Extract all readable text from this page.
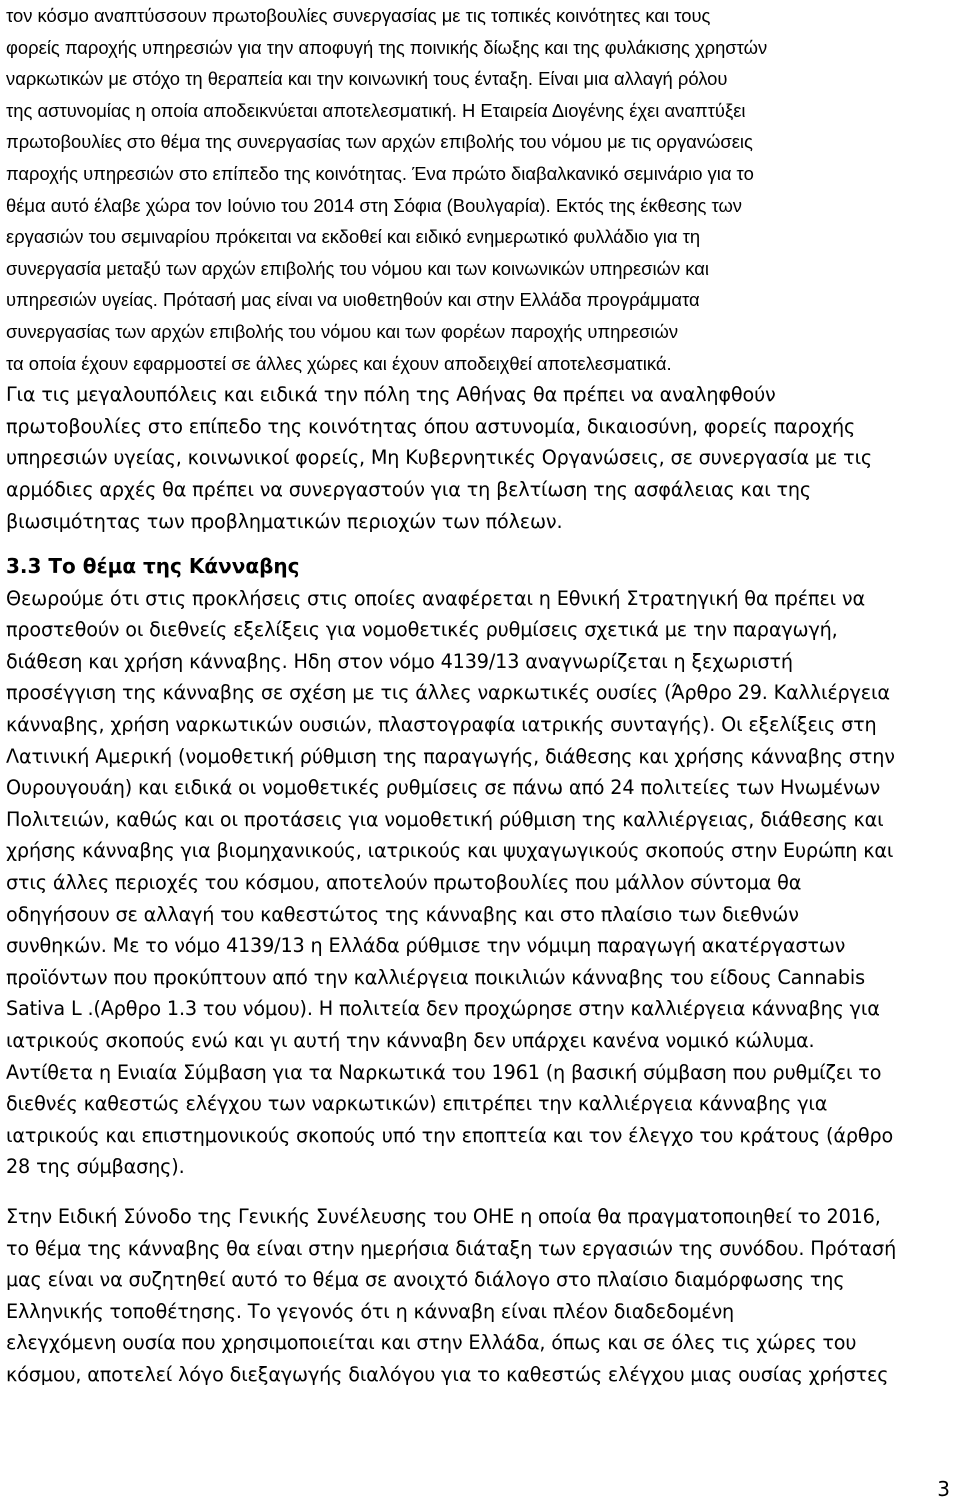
τον κόσμο αναπτύσσουν πρωτοβουλίες συνεργασίας με τις τοπικές κοινότητες και τους
φορείς παροχής υπηρεσιών για την αποφυγή της ποινικής δίωξης και της φυλάκισης χρηστών
ναρκωτικών με στόχο τη θεραπεία και την κοινωνική τους ένταξη. Είναι μια αλλαγή ρόλου
της αστυνομίας η οποία αποδεικνύεται αποτελεσματική. Η Εταιρεία Διογένης έχει αναπτύξει
πρωτοβουλίες στο θέμα της συνεργασίας των αρχών επιβολής του νόμου με τις οργανώσεις
παροχής υπηρεσιών στο επίπεδο της κοινότητας. Ένα πρώτο διαβαλκανικό σεμινάριο για το
θέμα αυτό έλαβε χώρα τον Ιούνιο του 2014 στη Σόφια (Βουλγαρία). Εκτός της έκθεσης των
εργασιών του σεμιναρίου πρόκειται να εκδοθεί και ειδικό ενημερωτικό φυλλάδιο για τη
συνεργασία μεταξύ των αρχών επιβολής του νόμου και των κοινωνικών υπηρεσιών και
υπηρεσιών υγείας. Πρότασή μας είναι να υιοθετηθούν και στην Ελλάδα προγράμματα
συνεργασίας των αρχών επιβολής του νόμου και των φορέων παροχής υπηρεσιών
τα οποία έχουν εφαρμοστεί σε άλλες χώρες και έχουν αποδειχθεί αποτελεσματικά.
Για τις μεγαλουπόλεις και ειδικά την πόλη της Αθήνας θα πρέπει να αναληφθούν
πρωτοβουλίες στο επίπεδο της κοινότητας όπου αστυνομία, δικαιοσύνη, φορείς παροχής
υπηρεσιών υγείας, κοινωνικοί φορείς, Μη Κυβερνητικές Οργανώσεις, σε συνεργασία με τις
αρμόδιες αρχές θα πρέπει να συνεργαστούν για τη βελτίωση της ασφάλειας και της
βιωσιμότητας των προβληματικών περιοχών των πόλεων.
3.3 Το θέμα της Κάνναβης
Θεωρούμε ότι στις προκλήσεις στις οποίες αναφέρεται η Εθνική Στρατηγική θα πρέπει να
προστεθούν οι διεθνείς εξελίξεις για νομοθετικές ρυθμίσεις σχετικά με την παραγωγή,
διάθεση και χρήση κάνναβης. Ηδη στον νόμο 4139/13 αναγνωρίζεται η ξεχωριστή
προσέγγιση της κάνναβης σε σχέση με τις άλλες ναρκωτικές ουσίες (Άρθρο 29. Καλλιέργεια
κάνναβης, χρήση ναρκωτικών ουσιών, πλαστογραφία ιατρικής συνταγής). Οι εξελίξεις στη
Λατινική Αμερική (νομοθετική ρύθμιση της παραγωγής, διάθεσης και χρήσης κάνναβης στην
Ουρουγουάη) και ειδικά οι νομοθετικές ρυθμίσεις σε πάνω από 24 πολιτείες των Ηνωμένων
Πολιτειών, καθώς και οι προτάσεις για νομοθετική ρύθμιση της καλλιέργειας, διάθεσης και
χρήσης κάνναβης για βιομηχανικούς, ιατρικούς και ψυχαγωγικούς σκοπούς στην Ευρώπη και
στις άλλες περιοχές του κόσμου, αποτελούν πρωτοβουλίες που μάλλον σύντομα θα
οδηγήσουν σε αλλαγή του καθεστώτος της κάνναβης και στο πλαίσιο των διεθνών
συνθηκών. Με το νόμο 4139/13 η Ελλάδα ρύθμισε την νόμιμη παραγωγή ακατέργαστων
προϊόντων που προκύπτουν από την καλλιέργεια ποικιλιών κάνναβης του είδους Cannabis
Sativa L .(Αρθρο 1.3 του νόμου). Η πολιτεία δεν προχώρησε στην καλλιέργεια κάνναβης για
ιατρικούς σκοπούς ενώ και γι αυτή την κάνναβη δεν υπάρχει κανένα νομικό κώλυμα.
Αντίθετα η Ενιαία Σύμβαση για τα Ναρκωτικά του 1961 (η βασική σύμβαση που ρυθμίζει το
διεθνές καθεστώς ελέγχου των ναρκωτικών) επιτρέπει την καλλιέργεια κάνναβης για
ιατρικούς και επιστημονικούς σκοπούς υπό την εποπτεία και τον έλεγχο του κράτους (άρθρο
28 της σύμβασης).
Στην Ειδική Σύνοδο της Γενικής Συνέλευσης του ΟΗΕ η οποία θα πραγματοποιηθεί το 2016,
το θέμα της κάνναβης θα είναι στην ημερήσια διάταξη των εργασιών της συνόδου. Πρότασή
μας είναι να συζητηθεί αυτό το θέμα σε ανοιχτό διάλογο στο πλαίσιο διαμόρφωσης της
Ελληνικής τοποθέτησης. Το γεγονός ότι η κάνναβη είναι πλέον διαδεδομένη
ελεγχόμενη ουσία που χρησιμοποιείται και στην Ελλάδα, όπως και σε όλες τις χώρες του
κόσμου, αποτελεί λόγο διεξαγωγής διαλόγου για το καθεστώς ελέγχου μιας ουσίας χρήστες
3
